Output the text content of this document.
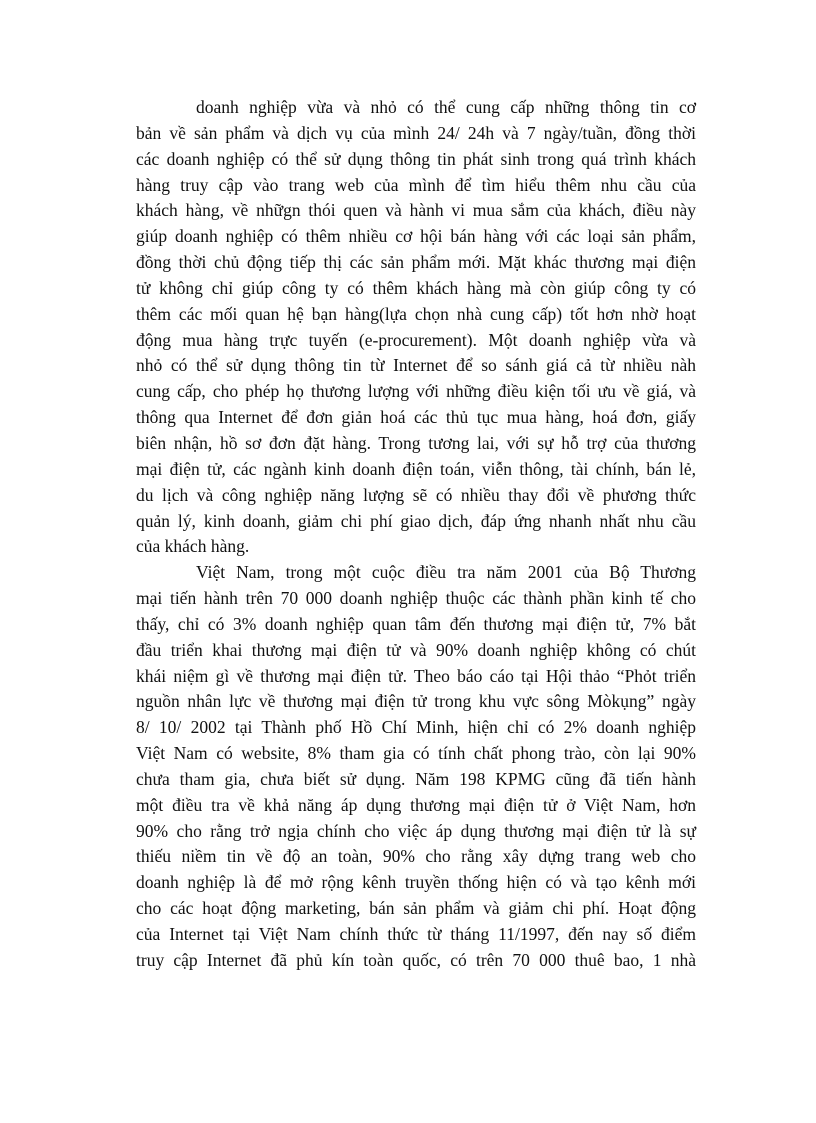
doanh nghiệp vừa và nhỏ có thể cung cấp những thông tin cơ
bản về sản phẩm và dịch vụ của mình 24/ 24h và 7 ngày/tuần, đồng thời
các doanh nghiệp có thể sử dụng thông tin phát sinh trong quá trình khách
hàng truy cập vào trang web của mình để tìm hiểu thêm nhu cầu của
khách hàng, về nhữgn thói quen và hành vi mua sắm của khách, điều này
giúp doanh nghiệp có thêm nhiều cơ hội bán hàng với các loại sản phẩm,
đồng thời chủ động tiếp thị các sản phẩm mới. Mặt khác thương mại điện
tử không chỉ giúp công ty có thêm khách hàng mà còn giúp công ty có
thêm các mối quan hệ bạn hàng(lựa chọn nhà cung cấp) tốt hơn nhờ hoạt
động mua hàng trực tuyến (e-procurement). Một doanh nghiệp vừa và
nhỏ có thể sử dụng thông tin từ Internet để so sánh giá cả từ nhiều nàh
cung cấp, cho phép họ thương lượng với những điều kiện tối ưu về giá, và
thông qua Internet để đơn giản hoá các thủ tục mua hàng, hoá đơn, giấy
biên nhận, hồ sơ đơn đặt hàng. Trong tương lai, với sự hỗ trợ của thương
mại điện tử, các ngành kinh doanh điện toán, viễn thông, tài chính, bán lẻ,
du lịch và công nghiệp năng lượng sẽ có nhiều thay đổi về phương thức
quản lý, kinh doanh, giảm chi phí giao dịch, đáp ứng nhanh nhất nhu cầu
của khách hàng.
Việt Nam, trong một cuộc điều tra năm 2001 của Bộ Thương
mại tiến hành trên 70 000 doanh nghiệp thuộc các thành phần kinh tế cho
thấy, chỉ có 3% doanh nghiệp quan tâm đến thương mại điện tử, 7% bắt
đầu triển khai thương mại điện tử và 90% doanh nghiệp không có chút
khái niệm gì về thương mại điện tử. Theo báo cáo tại Hội thảo “Phỏt triển
nguồn nhân lực về thương mại điện tử trong khu vực sông Mòkụng” ngày
8/ 10/ 2002 tại Thành phố Hồ Chí Minh, hiện chỉ có 2% doanh nghiệp
Việt Nam có website, 8% tham gia có tính chất phong trào, còn lại 90%
chưa tham gia, chưa biết sử dụng. Năm 198 KPMG cũng đã tiến hành
một điều tra về khả năng áp dụng thương mại điện tử ở Việt Nam, hơn
90% cho rằng trở ngịa chính cho việc áp dụng thương mại điện tử là sự
thiếu niềm tin về độ an toàn, 90% cho rằng xây dựng trang web cho
doanh nghiệp là để mở rộng kênh truyền thống hiện có và tạo kênh mới
cho các hoạt động marketing, bán sản phẩm và giảm chi phí. Hoạt động
của Internet tại Việt Nam chính thức từ tháng 11/1997, đến nay số điểm
truy cập Internet đã phủ kín toàn quốc, có trên 70 000 thuê bao, 1 nhà
